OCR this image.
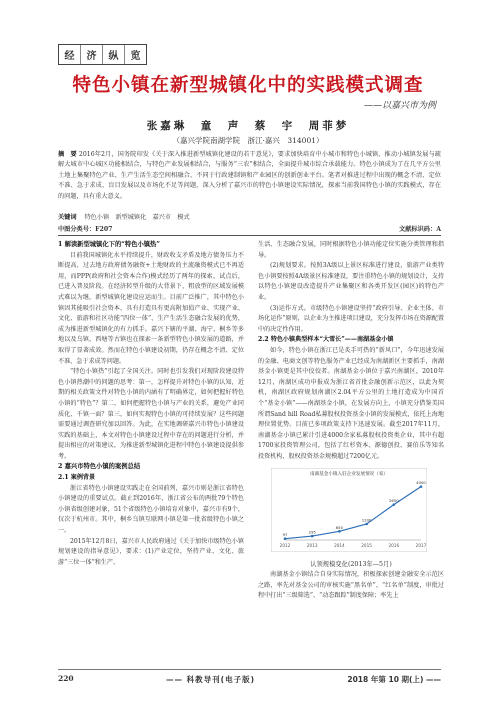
经	济	纵	览
特色小镇在新型城镇化中的实践模式调查
——以嘉兴市为例
张嘉琳　童　声　蔡　宇　周菲梦
（嘉兴学院南湖学院　浙江·嘉兴　314001）
摘　要 2016年2月，国务院印发《关于深入推进新型城镇化建设的若干意见》，要求加快培育中小城市和特色小城镇，推动小城镇发展与疏解大城市中心城区功能相结合，与特色产业发展相结合，与服务“三农”相结合，全面提升城市综合承载能力。特色小镇成为了在几平方公里土地上集聚特色产业、生产生活生态空间相融合、不同于行政建制镇和产业园区的创新创业平台。笔者对推进过程中出现的概念不清、定位不准、急于求成、盲目发展以及市场化不足等问题，深入分析了嘉兴市的特色小镇建设实际情况，探索当前我国特色小镇的实践模式，存在的问题，具有重大意义。
关键词 特色小镇　新型城镇化　嘉兴市　模式
中图分类号：F207	文献标识码：A
1 解读新型城镇化下的“特色小镇热”

目前我国城镇化水平持续提升，财政收支矛盾及地方债务压力不断提高，过去地方政府债务融资+土地财政的主流融资模式已不再适用，而PPP(政府和社会资本合作)模式经历了两年的探索、试点后，已进入普及阶段。在经济转型升级的大背景下，粗放型的区域发展模式难以为继，新型城镇化建设应运而生。目前广泛推广，其中特色小镇因其能吸引社会资本、具有打造具有更高附加值产业、实现产业、文化、旅游和社区功能“四位一体”、生产生活生态融合发展的优势，成为推进新型城镇化的有力抓手。嘉兴下辖的平湖、海宁、桐乡等多地以及乌镇、西塘等古镇也在探索一条新型特色小镇发展的道路，并取得了显著成效。然而在特色小镇建设初期，仍存在概念不清、定位不准、急于求成等问题。

“特色小镇热”引起了全国关注。同时也引发我们对现阶段建设特色小镇热潮中的问题的思考：第一，怎样提升对特色小镇的认知，近期的相关政策文件对特色小镇的内涵有了明确界定，如何把握好特色小镇的“特色”？第二，如何把握特色小镇与产业的关系，避免产业同质化、千镇一面？第三，如何实现特色小镇的可持续发展？这些问题需要通过调查研究加以回答。为此，在实地调研嘉兴市特色小镇建设实践的基础上，本文对特色小镇建设过程中存在的问题进行分析，并提出相应的对策建议，为推进新型城镇化进程中特色小镇建设提供参考。

2 嘉兴市特色小镇的案例总结
2.1 案例背景

浙江省特色小镇建设实践走在全国前列，嘉兴市则是浙江省特色小镇建设的重要试点。截止到2016年，浙江省公布的两批79个特色小镇省级创建对象，51个省级特色小镇培育对象中，嘉兴市有9个，仅次于杭州市。其中，桐乡乌镇互联网小镇是第一批省级特色小镇之一。

2015年12月8日，嘉兴市人民政府通过《关于加快市级特色小镇规划建设的指导意见》，要求：(1)产业定位，坚持产业、文化、旅游“三位一体”和生产、

生活、生态融合发展，同时根据特色小镇功能定位实施分类管理和指导。

(2)规划要求。按照3A级以上景区标准进行建设，旅游产业类特色小镇要按照4A级景区标准建设，要注重特色小镇的规划设计，支持以特色小镇建设改造提升产业集聚区和各类开发区(园区)的特色产业。

(3)运作方式。市级特色小镇建设坚持“政府引导、企业主体、市场化运作”原则，以企业为主推进项目建设，充分发挥市场在资源配置中的决定性作用。

2.2 特色小镇典型样本“大雪长”——南湖基金小镇

如今，特色小镇在浙江已是炙手可热的“新风口”，今年迅速发展的金融、电商文创等特色服务产业已经成为南湖新区主要抓手，南湖基金小镇更是其中佼佼者。南湖基金小镇位于嘉兴南湖区，2010年12月，南湖区成功申报成为浙江省首批金融创新示范区，以此为契机，南湖区政府规划南湖区2.04平方公里的土地打造成为中国首个“基金小镇”——南湖基金小镇，在发展方向上，小镇充分借鉴美国所谓Sand hill Road私募股权投资基金小镇的发展模式，依托上海地理位置优势。目前已多项政策支持下迅速发展。截至2017年11月，南湖基金小镇已累计引进4000余家私募股权投资类企业，其中有超1700家投资管理公司，包括了红杉资本、源德创投、赛伯乐等知名投资机构，股权投资基金规模超过7200亿元。

南湖基金小镇入驻企业发展情况（家）
2012	2013	2014	2015	2016	2017
97
295
650
1200
2650
4000
认领规模变化(2013年—5月)

南湖基金小镇结合自身实际情况，积极探索创建金融安全示范区之路，率先对基金公司的审核实施“黑名单”、“红名单”制度，审批过程中打出“三级筛选”、“动态跟踪”制度保障；率先上

220	—— 科教导刊(电子版)	2018 年第 10 期(上) ——
